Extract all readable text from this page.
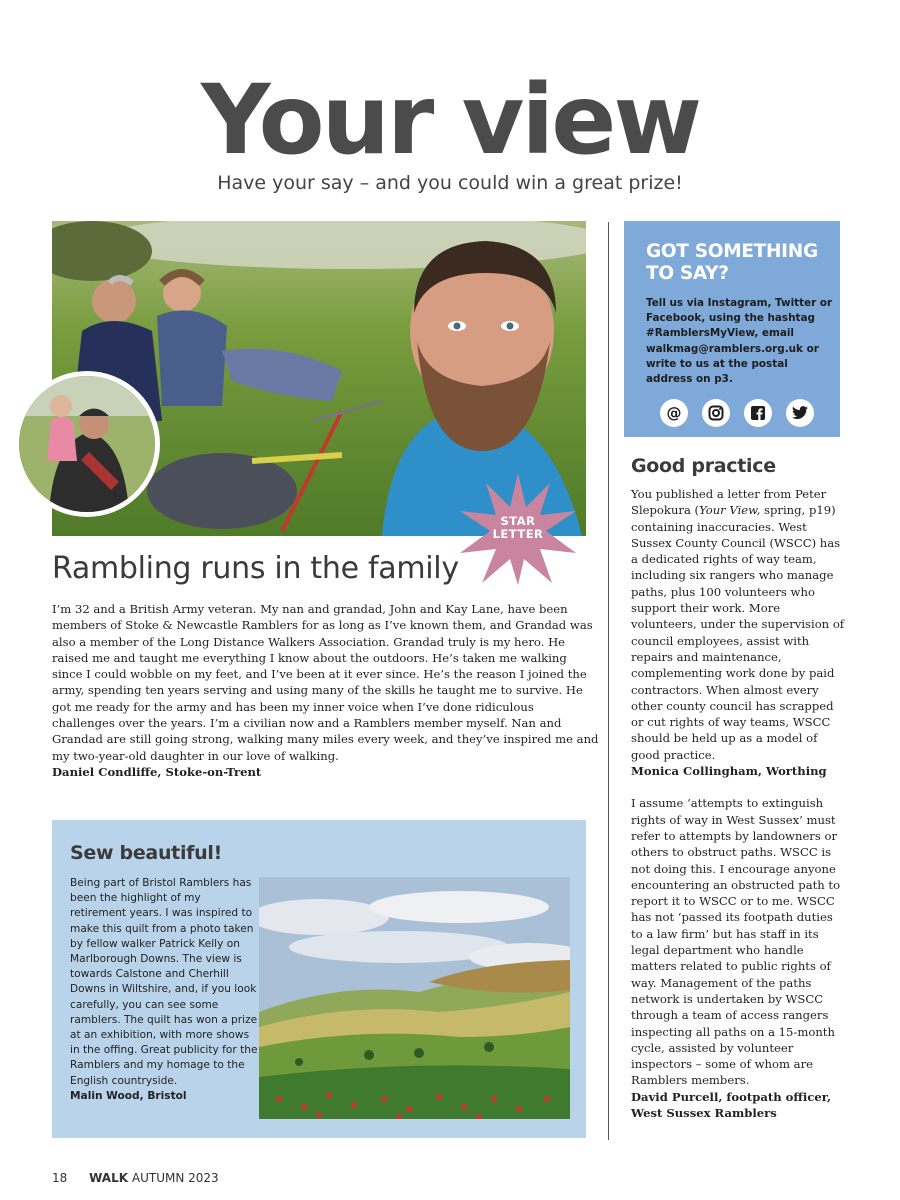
Your view
Have your say – and you could win a great prize!
STAR
LETTER
Rambling runs in the family
I’m 32 and a British Army veteran. My nan and grandad, John and Kay Lane, have been members of Stoke & Newcastle Ramblers for as long as I’ve known them, and Grandad was also a member of the Long Distance Walkers Association. Grandad truly is my hero. He raised me and taught me everything I know about the outdoors. He’s taken me walking since I could wobble on my feet, and I’ve been at it ever since. He’s the reason I joined the army, spending ten years serving and using many of the skills he taught me to survive. He got me ready for the army and has been my inner voice when I’ve done ridiculous challenges over the years. I’m a civilian now and a Ramblers member myself. Nan and Grandad are still going strong, walking many miles every week, and they’ve inspired me and my two-year-old daughter in our love of walking.
Daniel Condliffe, Stoke-on-Trent
Sew beautiful!
Being part of Bristol Ramblers has been the highlight of my retirement years. I was inspired to make this quilt from a photo taken by fellow walker Patrick Kelly on Marlborough Downs. The view is towards Calstone and Cherhill Downs in Wiltshire, and, if you look carefully, you can see some ramblers. The quilt has won a prize at an exhibition, with more shows in the offing. Great publicity for the Ramblers and my homage to the English countryside.
Malin Wood, Bristol
GOT SOMETHING TO SAY?
Tell us via Instagram, Twitter or Facebook, using the hashtag #RamblersMyView, email walkmag@ramblers.org.uk or write to us at the postal address on p3.
@
Good practice

You published a letter from Peter Slepokura (Your View, spring, p19) containing inaccuracies. West Sussex County Council (WSCC) has a dedicated rights of way team, including six rangers who manage paths, plus 100 volunteers who support their work. More volunteers, under the supervision of council employees, assist with repairs and maintenance, complementing work done by paid contractors. When almost every other county council has scrapped or cut rights of way teams, WSCC should be held up as a model of good practice.
Monica Collingham, Worthing

I assume ‘attempts to extinguish rights of way in West Sussex’ must refer to attempts by landowners or others to obstruct paths. WSCC is not doing this. I encourage anyone encountering an obstructed path to report it to WSCC or to me. WSCC has not ‘passed its footpath duties to a law firm’ but has staff in its legal department who handle matters related to public rights of way. Management of the paths network is undertaken by WSCC through a team of access rangers inspecting all paths on a 15-month cycle, assisted by volunteer inspectors – some of whom are Ramblers members.
David Purcell, footpath officer,
West Sussex Ramblers

18 WALK AUTUMN 2023
